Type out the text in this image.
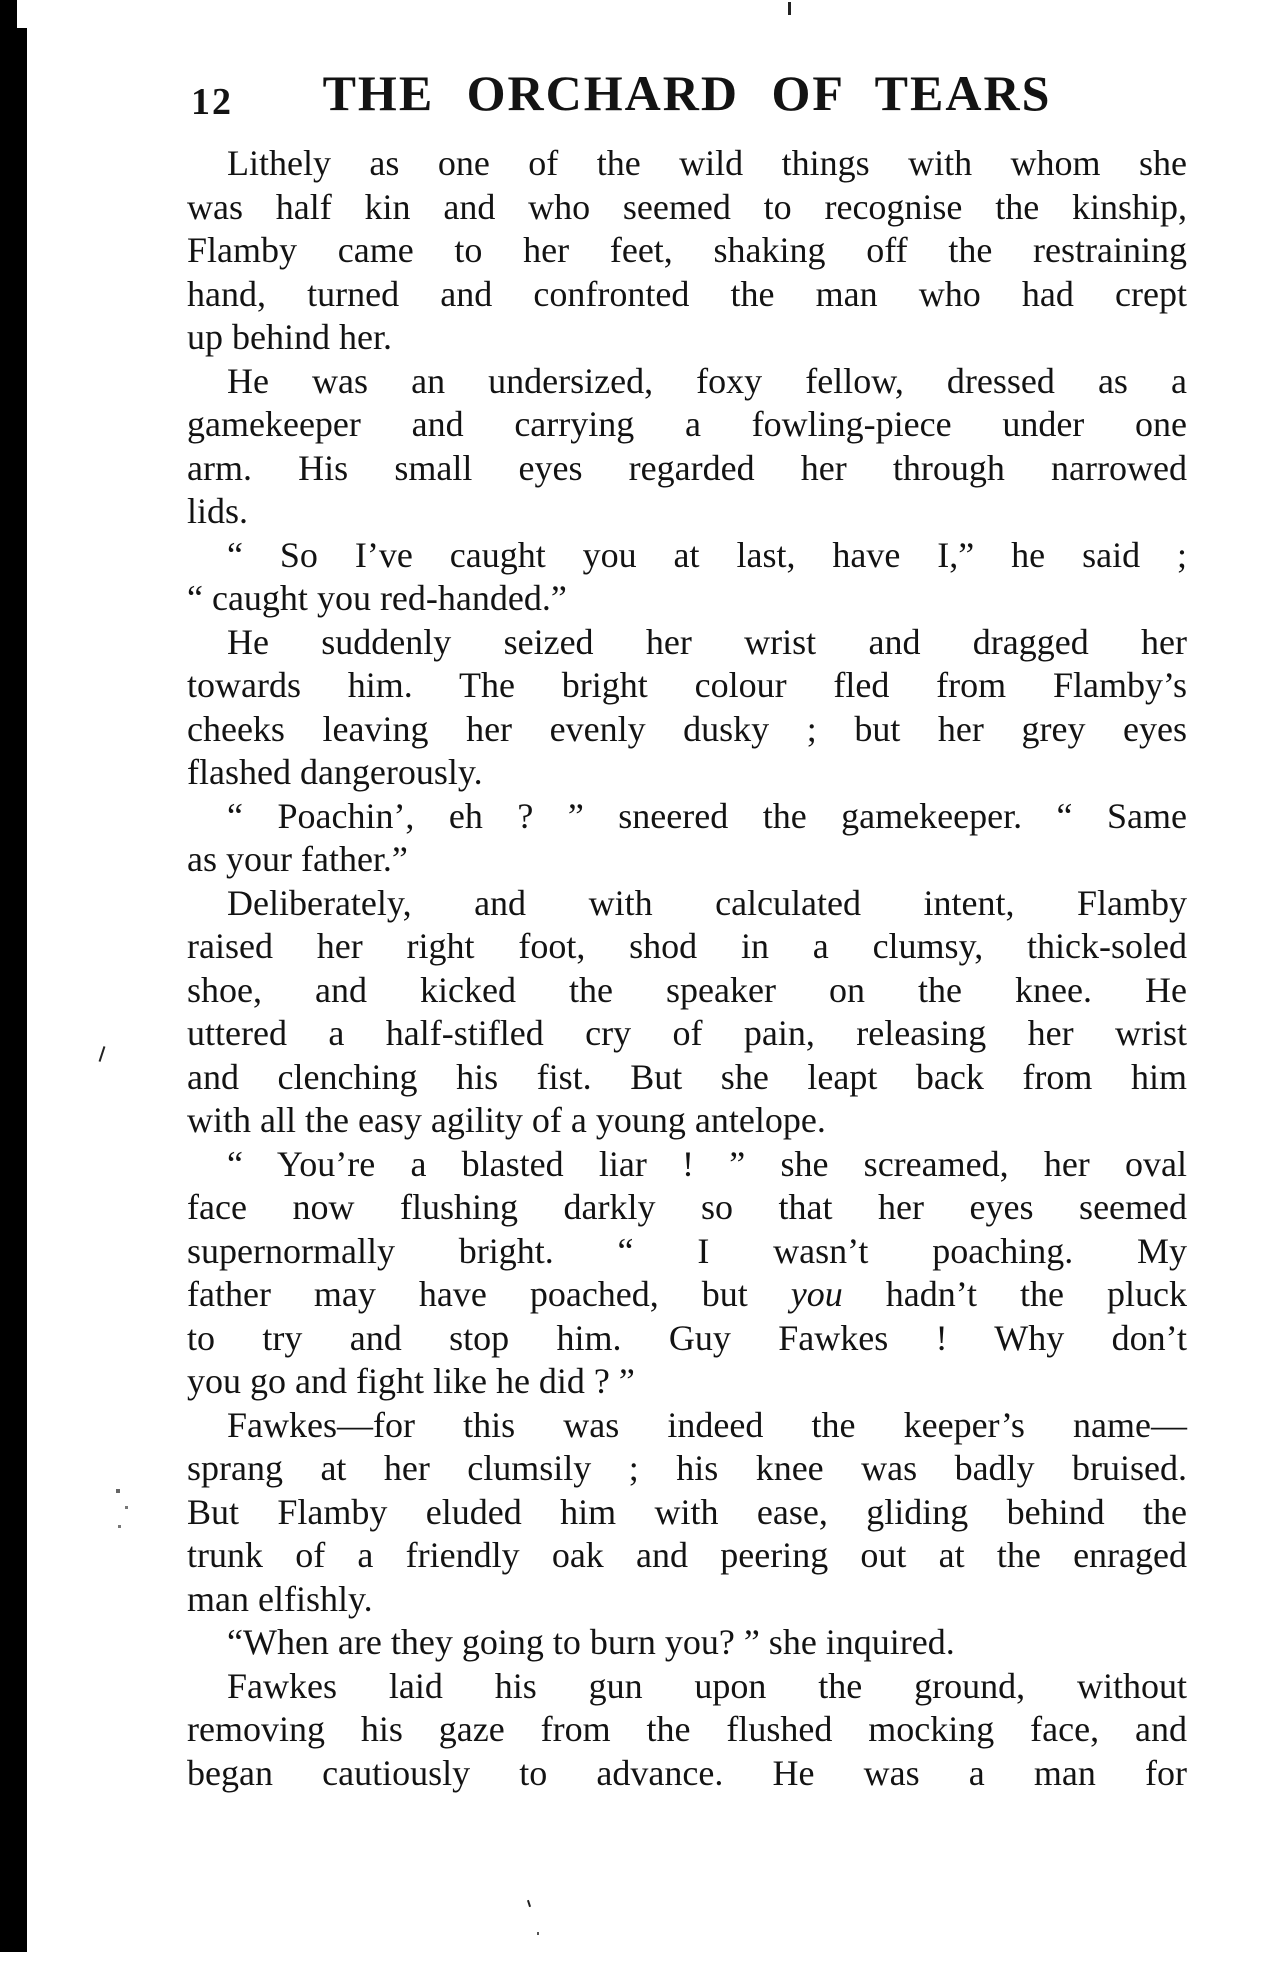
12	THE ORCHARD OF TEARS
Lithely as one of the wild things with whom she
was half kin and who seemed to recognise the kinship,
Flamby came to her feet, shaking off the restraining
hand, turned and confronted the man who had crept
up behind her.
He was an undersized, foxy fellow, dressed as a
gamekeeper and carrying a fowling-piece under one
arm. His small eyes regarded her through narrowed
lids.
“ So I’ve caught you at last, have I,” he said ;
“ caught you red-handed.”
He suddenly seized her wrist and dragged her
towards him. The bright colour fled from Flamby’s
cheeks leaving her evenly dusky ; but her grey eyes
flashed dangerously.
“ Poachin’, eh ? ” sneered the gamekeeper. “ Same
as your father.”
Deliberately, and with calculated intent, Flamby
raised her right foot, shod in a clumsy, thick-soled
shoe, and kicked the speaker on the knee. He
uttered a half-stifled cry of pain, releasing her wrist
and clenching his fist. But she leapt back from him
with all the easy agility of a young antelope.
“ You’re a blasted liar ! ” she screamed, her oval
face now flushing darkly so that her eyes seemed
supernormally bright. “ I wasn’t poaching. My
father may have poached, but you hadn’t the pluck
to try and stop him. Guy Fawkes ! Why don’t
you go and fight like he did ? ”
Fawkes—for this was indeed the keeper’s name—
sprang at her clumsily ; his knee was badly bruised.
But Flamby eluded him with ease, gliding behind the
trunk of a friendly oak and peering out at the enraged
man elfishly.
“When are they going to burn you? ” she inquired.
Fawkes laid his gun upon the ground, without
removing his gaze from the flushed mocking face, and
began cautiously to advance. He was a man for
